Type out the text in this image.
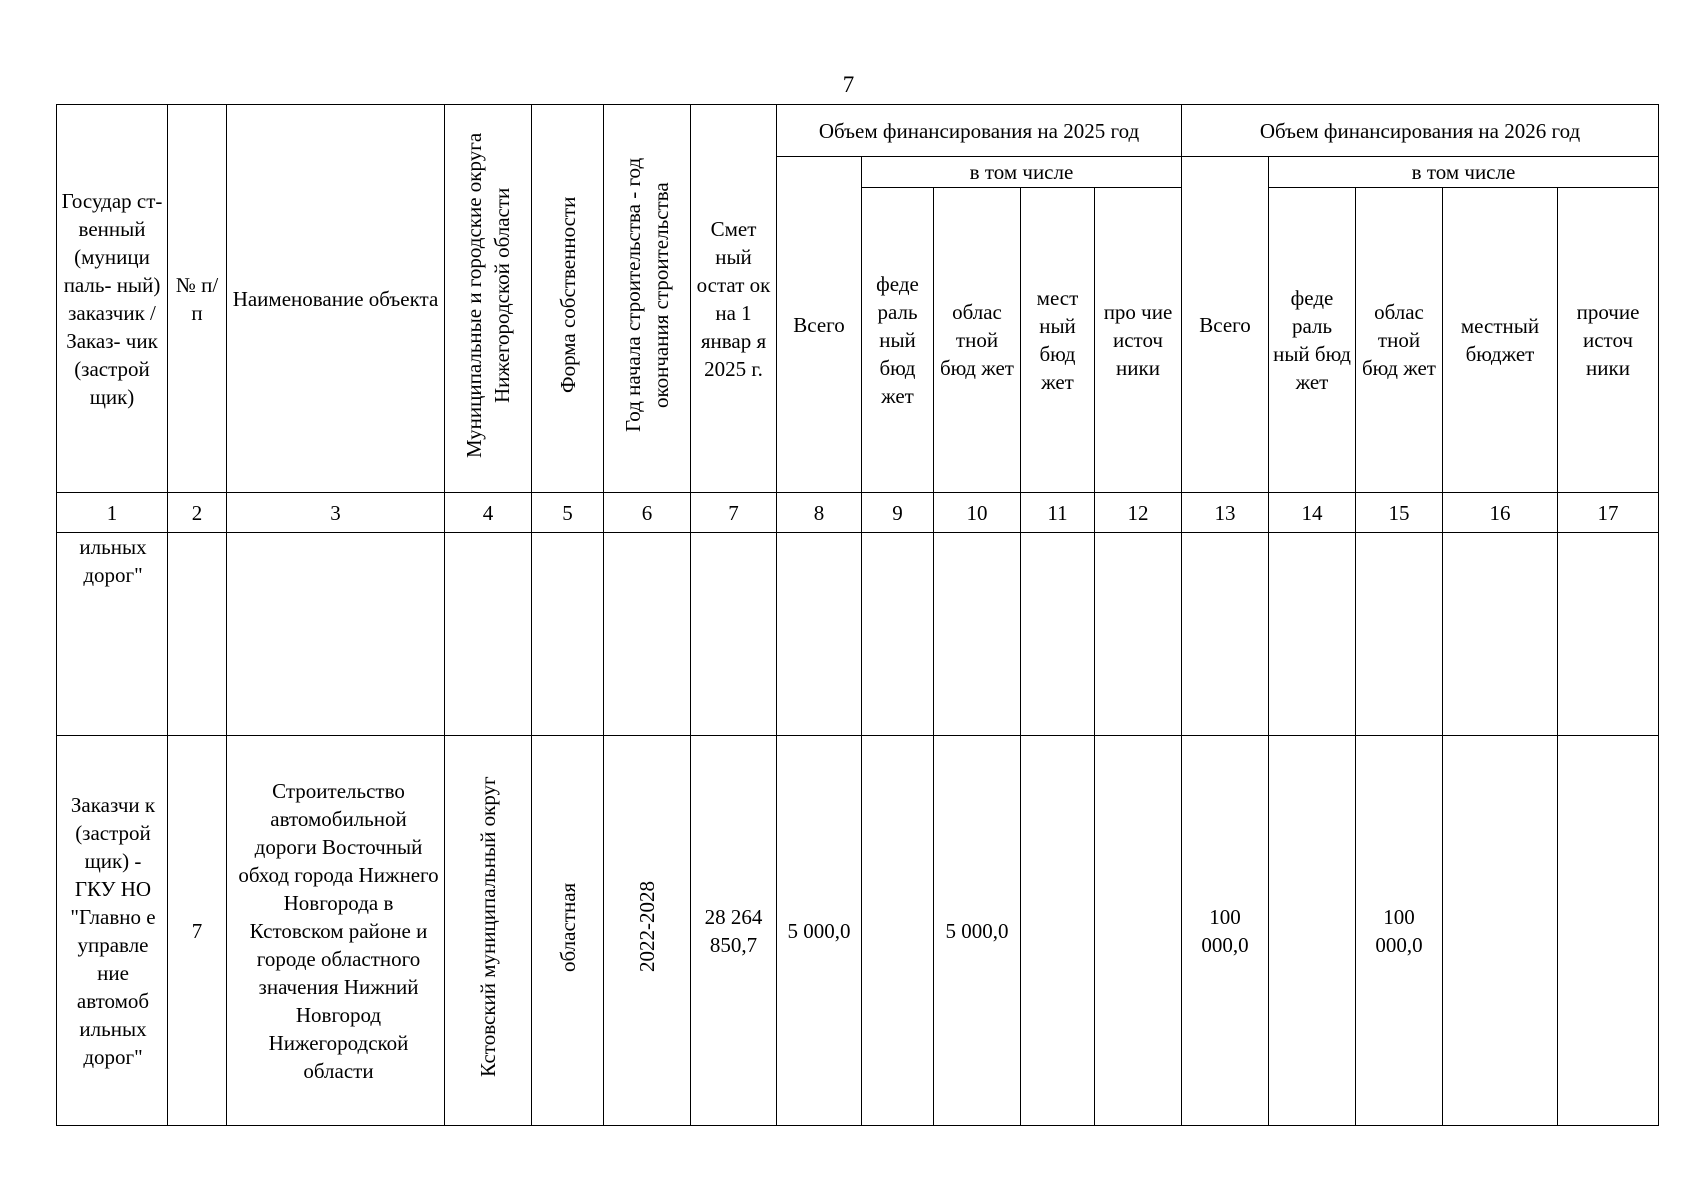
7
Государ ст- венный (муници паль- ный) заказчик / Заказ- чик (застрой щик)	№ п/п	Наименование объекта	Муниципальные и городские округа Нижегородской области	Форма собственности	Год начала строительства - год окончания строительства	Смет ный остат ок на 1 январ я 2025 г.	Объем финансирования на 2025 год					Объем финансирования на 2026 год				

							Всего	в том числе				Всего	в том числе			

								феде раль ный бюд жет	облас тной бюд жет	мест ный бюд жет	про чие источ ники		феде раль ный бюд жет	облас тной бюд жет	местный бюджет	прочие источ ники

1	2	3	4	5	6	7	8	9	10	11	12	13	14	15	16	17

ильных дорог"																

Заказчи к (застрой щик) - ГКУ НО "Главно е управле ние автомоб ильных дорог"	7	Строительство автомобильной дороги Восточный обход города Нижнего Новгорода в Кстовском районе и городе областного значения Нижний Новгород Нижегородской области	Кстовский муниципальный округ	областная	2022-2028	28 264 850,7	5 000,0		5 000,0			100 000,0		100 000,0		
